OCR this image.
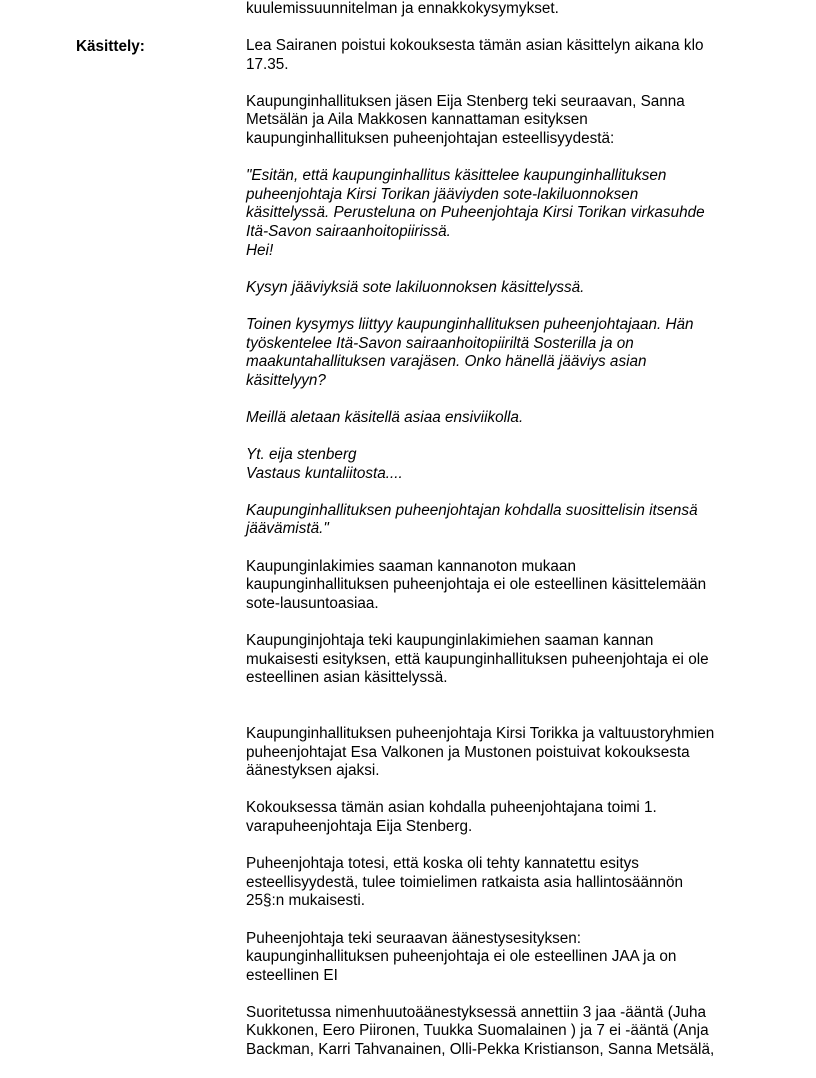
kuulemissuunnitelman ja ennakkokysymykset.
Käsittely:	Lea Sairanen poistui kokouksesta tämän asian käsittelyn aikana klo
17.35.

Kaupunginhallituksen jäsen Eija Stenberg teki seuraavan, Sanna
Metsälän ja Aila Makkosen kannattaman esityksen
kaupunginhallituksen puheenjohtajan esteellisyydestä:

"Esitän, että kaupunginhallitus käsittelee kaupunginhallituksen
puheenjohtaja Kirsi Torikan jääviyden sote-lakiluonnoksen
käsittelyssä. Perusteluna on Puheenjohtaja Kirsi Torikan virkasuhde
Itä-Savon sairaanhoitopiirissä.
Hei!

Kysyn jääviyksiä sote lakiluonnoksen käsittelyssä.

Toinen kysymys liittyy kaupunginhallituksen puheenjohtajaan. Hän
työskentelee Itä-Savon sairaanhoitopiiriltä Sosterilla ja on
maakuntahallituksen varajäsen. Onko hänellä jääviys asian
käsittelyyn?

Meillä aletaan käsitellä asiaa ensiviikolla.

Yt. eija stenberg
Vastaus kuntaliitosta....

Kaupunginhallituksen puheenjohtajan kohdalla suosittelisin itsensä
jäävämistä."

Kaupunginlakimies saaman kannanoton mukaan
kaupunginhallituksen puheenjohtaja ei ole esteellinen käsittelemään
sote-lausuntoasiaa.

Kaupunginjohtaja teki kaupunginlakimiehen saaman kannan
mukaisesti esityksen, että kaupunginhallituksen puheenjohtaja ei ole
esteellinen asian käsittelyssä.

Kaupunginhallituksen puheenjohtaja Kirsi Torikka ja valtuustoryhmien
puheenjohtajat Esa Valkonen ja Mustonen poistuivat kokouksesta
äänestyksen ajaksi.

Kokouksessa tämän asian kohdalla puheenjohtajana toimi 1.
varapuheenjohtaja Eija Stenberg.

Puheenjohtaja totesi, että koska oli tehty kannatettu esitys
esteellisyydestä, tulee toimielimen ratkaista asia hallintosäännön
25§:n mukaisesti.

Puheenjohtaja teki seuraavan äänestysesityksen:
kaupunginhallituksen puheenjohtaja ei ole esteellinen JAA ja on
esteellinen EI

Suoritetussa nimenhuutoäänestyksessä annettiin 3 jaa -ääntä (Juha
Kukkonen, Eero Piironen, Tuukka Suomalainen ) ja 7 ei -ääntä (Anja
Backman, Karri Tahvanainen, Olli-Pekka Kristianson, Sanna Metsälä,
